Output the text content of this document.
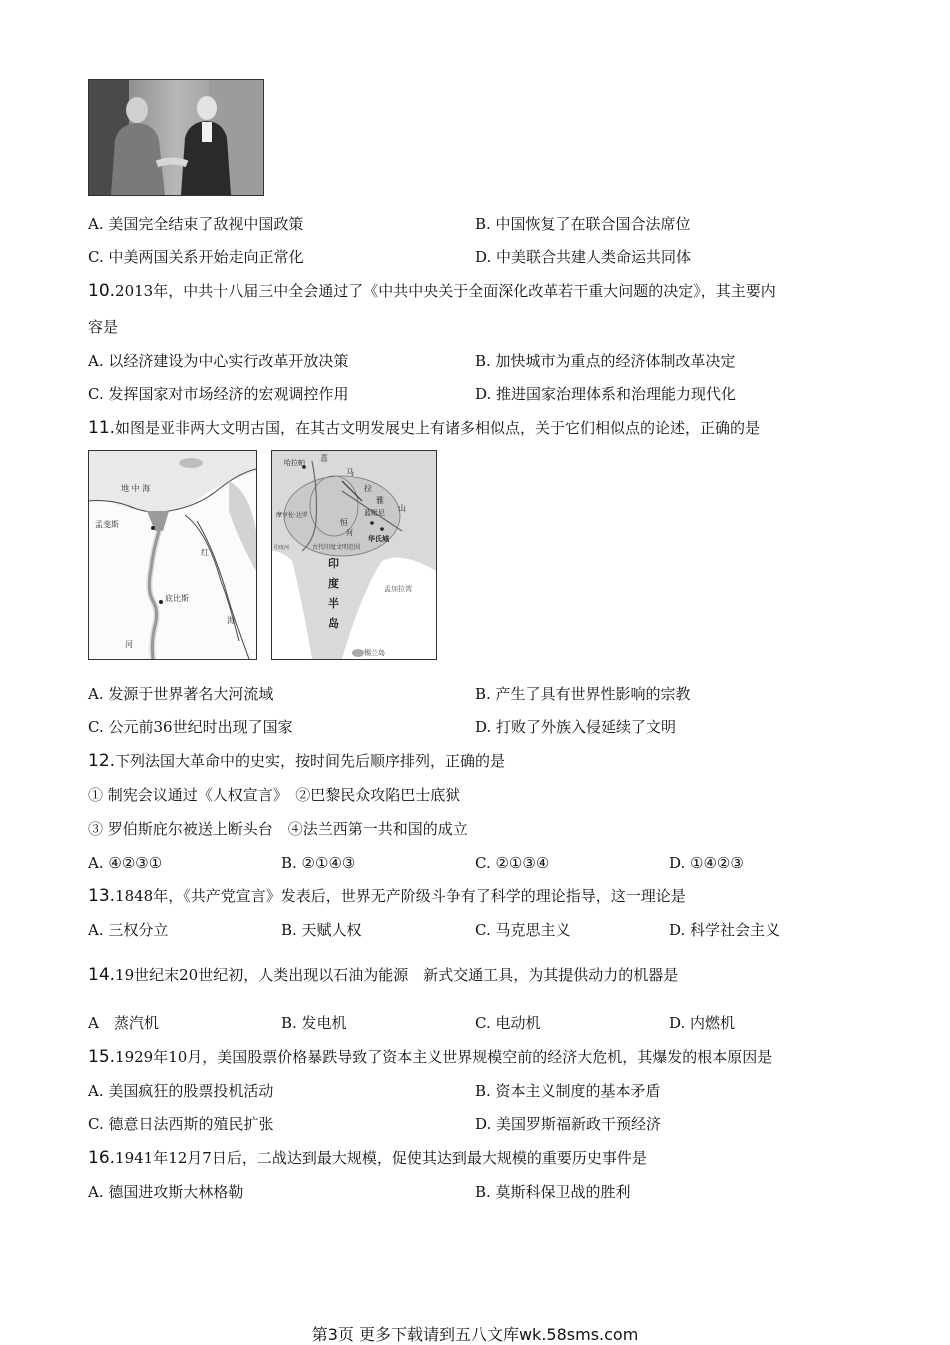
A. 美国完全结束了敌视中国政策	B. 中国恢复了在联合国合法席位
C. 中美两国关系开始走向正常化	D. 中美联合共建人类命运共同体
10.2013年，中共十八届三中全会通过了《中共中央关于全面深化改革若干重大问题的决定》，其主要内
容是
A. 以经济建设为中心实行改革开放决策	B. 加快城市为重点的经济体制改革决定
C. 发挥国家对市场经济的宏观调控作用	D. 推进国家治理体系和治理能力现代化
11.如图是亚非两大文明古国，在其古文明发展史上有诸多相似点，关于它们相似点的论述，正确的是
地 中 海
孟斐斯
红
底比斯
海
河
哈拉帕 喜
马
拉
雅
山
摩亨佐·达罗	蓝毗尼
恒
河
华氏城
印度河	古代印度文明范围
印
度
半
岛
孟加拉湾
锡兰岛
A. 发源于世界著名大河流域	B. 产生了具有世界性影响的宗教
C. 公元前36世纪时出现了国家	D. 打败了外族入侵延续了文明
12.下列法国大革命中的史实，按时间先后顺序排列，正确的是
① 制宪会议通过《人权宣言》　②巴黎民众攻陷巴士底狱
③ 罗伯斯庇尔被送上断头台　④法兰西第一共和国的成立
A. ④②③①	B. ②①④③	C. ②①③④	D. ①④②③
13.1848年，《共产党宣言》发表后，世界无产阶级斗争有了科学的理论指导，这一理论是
A. 三权分立	B. 天赋人权	C. 马克思主义	D. 科学社会主义
14.19世纪末20世纪初，人类出现以石油为能源　新式交通工具，为其提供动力的机器是
A　蒸汽机	B. 发电机	C. 电动机	D. 内燃机
15.1929年10月，美国股票价格暴跌导致了资本主义世界规模空前的经济大危机，其爆发的根本原因是
A. 美国疯狂的股票投机活动	B. 资本主义制度的基本矛盾
C. 德意日法西斯的殖民扩张	D. 美国罗斯福新政干预经济
16.1941年12月7日后，二战达到最大规模，促使其达到最大规模的重要历史事件是
A. 德国进攻斯大林格勒	B. 莫斯科保卫战的胜利
第3页 更多下载请到五八文库wk.58sms.com
